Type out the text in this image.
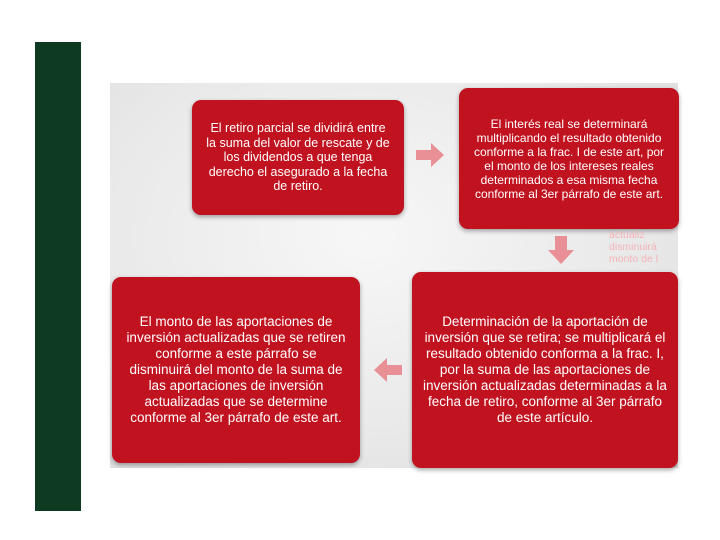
El retiro parcial se dividirá entre la suma del valor de rescate y de los dividendos a que tenga derecho el asegurado a la fecha de retiro.
El interés real se determinará multiplicando el resultado obtenido conforme a la frac. I de este art, por el monto de los intereses reales determinados a esa misma fecha conforme al 3er párrafo de este art.
actualiz
disminuirá
monto de l
Determinación de la aportación de inversión que se retira; se multiplicará el resultado obtenido conforma a la frac. I, por la suma de las aportaciones de inversión actualizadas determinadas a la fecha de retiro, conforme al 3er párrafo de este artículo.
El monto de las aportaciones de inversión actualizadas que se retiren conforme a este párrafo se disminuirá del monto de la suma de las aportaciones de inversión actualizadas que se determine conforme al 3er párrafo de este art.
